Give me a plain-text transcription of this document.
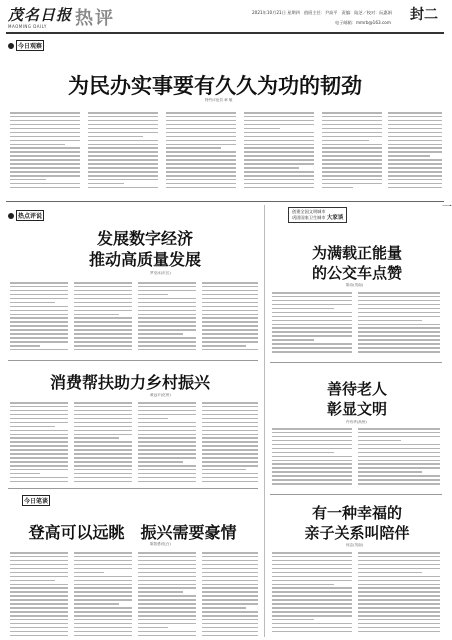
茂名日报
MAOMING DAILY 热评	2021年10月21日 星期四　值班主任：尹高平　责编：陆芝／校对：阮惠娟
电子邮箱：mmrb@163.com 封二
今日观察
为民办实事要有久久为功的韧劲
特约评论员 章 敏
热点评说
发展数字经济
推动高质量发展
罗至冰(市区)
消费帮扶助力乡村振兴
黄远平(化州)
今日笔谈
登高可以远眺　振兴需要豪情
陈智勇(电白)
创建全国文明城市
巩固国家卫生城市 大家谈
为满载正能量
的公交车点赞
陈诗(茂南)
善待老人
彰显文明
许有华(高州)
有一种幸福的
亲子关系叫陪伴
何志(茂南)
一
